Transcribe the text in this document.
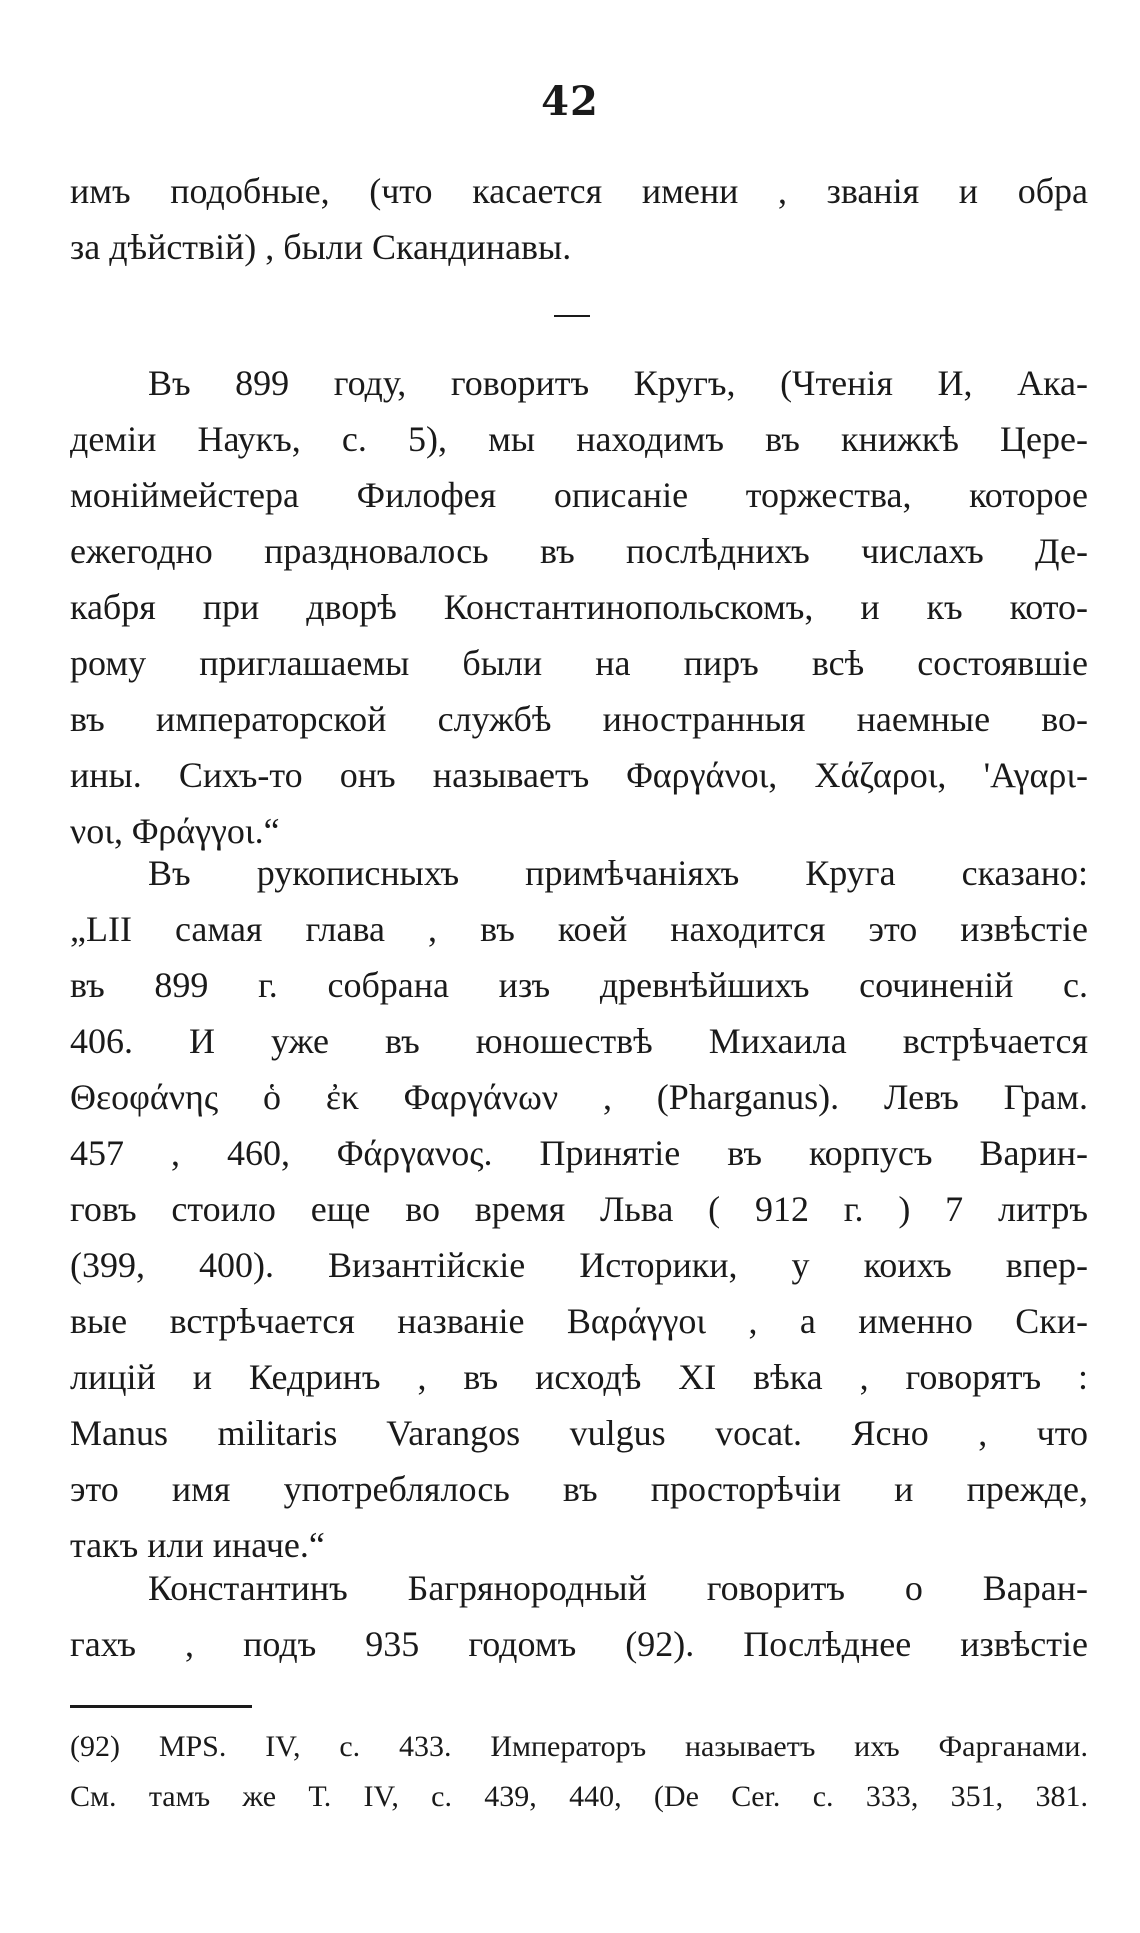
42
имъ подобные, (что касается имени , званія и обра
за дѣйствій) , были Скандинавы.
Въ 899 году, говоритъ Кругъ, (Чтенія И, Ака-
деміи Наукъ, с. 5), мы находимъ въ книжкѣ Цере-
моніймейстера Филофея описаніе торжества, которое
ежегодно праздновалось въ послѣднихъ числахъ Де-
кабря при дворѣ Константинопольскомъ, и къ кото-
рому приглашаемы были на пиръ всѣ состоявшіе
въ императорской службѣ иностранныя наемные во-
ины. Сихъ-то онъ называетъ Φαργάνοι, Χάζαροι, 'Αγαρι-
νοι, Φράγγοι.“
Въ рукописныхъ примѣчаніяхъ Круга сказано:
„LII самая глава , въ коей находится это извѣстіе
въ 899 г. собрана изъ древнѣйшихъ сочиненій с.
406. И уже въ юношествѣ Михаила встрѣчается
Θεοφάνης ὁ ἐκ Φαργάνων , (Pharganus). Левъ Грам.
457 , 460, Φάργανος. Принятіе въ корпусъ Варин-
говъ стоило еще во время Льва ( 912 г. ) 7 литръ
(399, 400). Византійскіе Историки, у коихъ впер-
вые встрѣчается названіе Βαράγγοι , а именно Ски-
лицій и Кедринъ , въ исходѣ XI вѣка , говорятъ :
Manus militaris Varangos vulgus vocat. Ясно , что
это имя употреблялось въ просторѣчіи и прежде,
такъ или иначе.“
Константинъ Багрянородный говоритъ о Варан-
гахъ , подъ 935 годомъ (92). Послѣднее извѣстіе
(92) MPS. IV, с. 433. Императоръ называетъ ихъ Фарганами.
См. тамъ же Т. IV, с. 439, 440, (De Cer. с. 333, 351, 381.
